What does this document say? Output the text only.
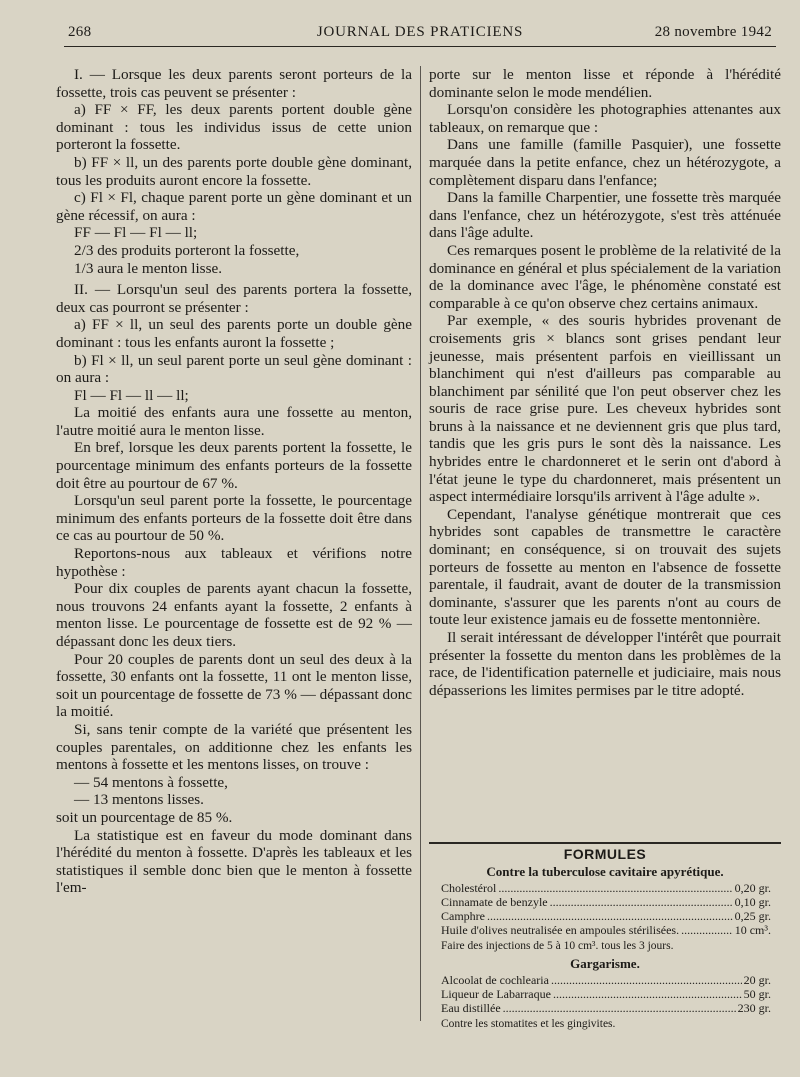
268	JOURNAL DES PRATICIENS	28 novembre 1942

I. — Lorsque les deux parents seront porteurs de la fossette, trois cas peuvent se présenter :

a) FF × FF, les deux parents portent double gène dominant : tous les individus issus de cette union porteront la fossette.

b) FF × ll, un des parents porte double gène dominant, tous les produits auront encore la fossette.

c) Fl × Fl, chaque parent porte un gène dominant et un gène récessif, on aura :

FF — Fl — Fl — ll;

2/3 des produits porteront la fossette,

1/3 aura le menton lisse.

II. — Lorsqu'un seul des parents portera la fossette, deux cas pourront se présenter :

a) FF × ll, un seul des parents porte un double gène dominant : tous les enfants auront la fossette ;

b) Fl × ll, un seul parent porte un seul gène dominant : on aura :

Fl — Fl — ll — ll;

La moitié des enfants aura une fossette au menton, l'autre moitié aura le menton lisse.

En bref, lorsque les deux parents portent la fossette, le pourcentage minimum des enfants porteurs de la fossette doit être au pourtour de 67 %.

Lorsqu'un seul parent porte la fossette, le pourcentage minimum des enfants porteurs de la fossette doit être dans ce cas au pourtour de 50 %.

Reportons-nous aux tableaux et vérifions notre hypothèse :

Pour dix couples de parents ayant chacun la fossette, nous trouvons 24 enfants ayant la fossette, 2 enfants à menton lisse. Le pourcentage de fossette est de 92 % — dépassant donc les deux tiers.

Pour 20 couples de parents dont un seul des deux à la fossette, 30 enfants ont la fossette, 11 ont le menton lisse, soit un pourcentage de fossette de 73 % — dépassant donc la moitié.

Si, sans tenir compte de la variété que présentent les couples parentales, on additionne chez les enfants les mentons à fossette et les mentons lisses, on trouve :

— 54 mentons à fossette,

— 13 mentons lisses.

soit un pourcentage de 85 %.

La statistique est en faveur du mode dominant dans l'hérédité du menton à fossette. D'après les tableaux et les statistiques il semble donc bien que le menton à fossette l'em-

porte sur le menton lisse et réponde à l'hérédité dominante selon le mode mendélien.

Lorsqu'on considère les photographies attenantes aux tableaux, on remarque que :

Dans une famille (famille Pasquier), une fossette marquée dans la petite enfance, chez un hétérozygote, a complètement disparu dans l'enfance;

Dans la famille Charpentier, une fossette très marquée dans l'enfance, chez un hétérozygote, s'est très atténuée dans l'âge adulte.

Ces remarques posent le problème de la relativité de la dominance en général et plus spécialement de la variation de la dominance avec l'âge, le phénomène constaté est comparable à ce qu'on observe chez certains animaux.

Par exemple, « des souris hybrides provenant de croisements gris × blancs sont grises pendant leur jeunesse, mais présentent parfois en vieillissant un blanchiment qui n'est d'ailleurs pas comparable au blanchiment par sénilité que l'on peut observer chez les souris de race grise pure. Les cheveux hybrides sont bruns à la naissance et ne deviennent gris que plus tard, tandis que les gris purs le sont dès la naissance. Les hybrides entre le chardonneret et le serin ont d'abord à l'état jeune le type du chardonneret, mais présentent un aspect intermédiaire lorsqu'ils arrivent à l'âge adulte ».

Cependant, l'analyse génétique montrerait que ces hybrides sont capables de transmettre le caractère dominant; en conséquence, si on trouvait des sujets porteurs de fossette au menton en l'absence de fossette parentale, il faudrait, avant de douter de la transmission dominante, s'assurer que les parents n'ont au cours de toute leur existence jamais eu de fossette mentonnière.

Il serait intéressant de développer l'intérêt que pourrait présenter la fossette du menton dans les problèmes de la race, de l'identification paternelle et judiciaire, mais nous dépasserions les limites permises par le titre adopté.

FORMULES
Contre la tuberculose cavitaire apyrétique.
Cholestérol .....	0,20 gr.
Cinnamate de benzyle .....	0,10 gr.
Camphre .....	0,25 gr.
Huile d'olives neutralisée en ampoules stérilisées. .....	10 cm³.
Faire des injections de 5 à 10 cm³. tous les 3 jours.
Gargarisme.
Alcoolat de cochlearia .....	20 gr.
Liqueur de Labarraque .....	50 gr.
Eau distillée .....	230 gr.
Contre les stomatites et les gingivites.
